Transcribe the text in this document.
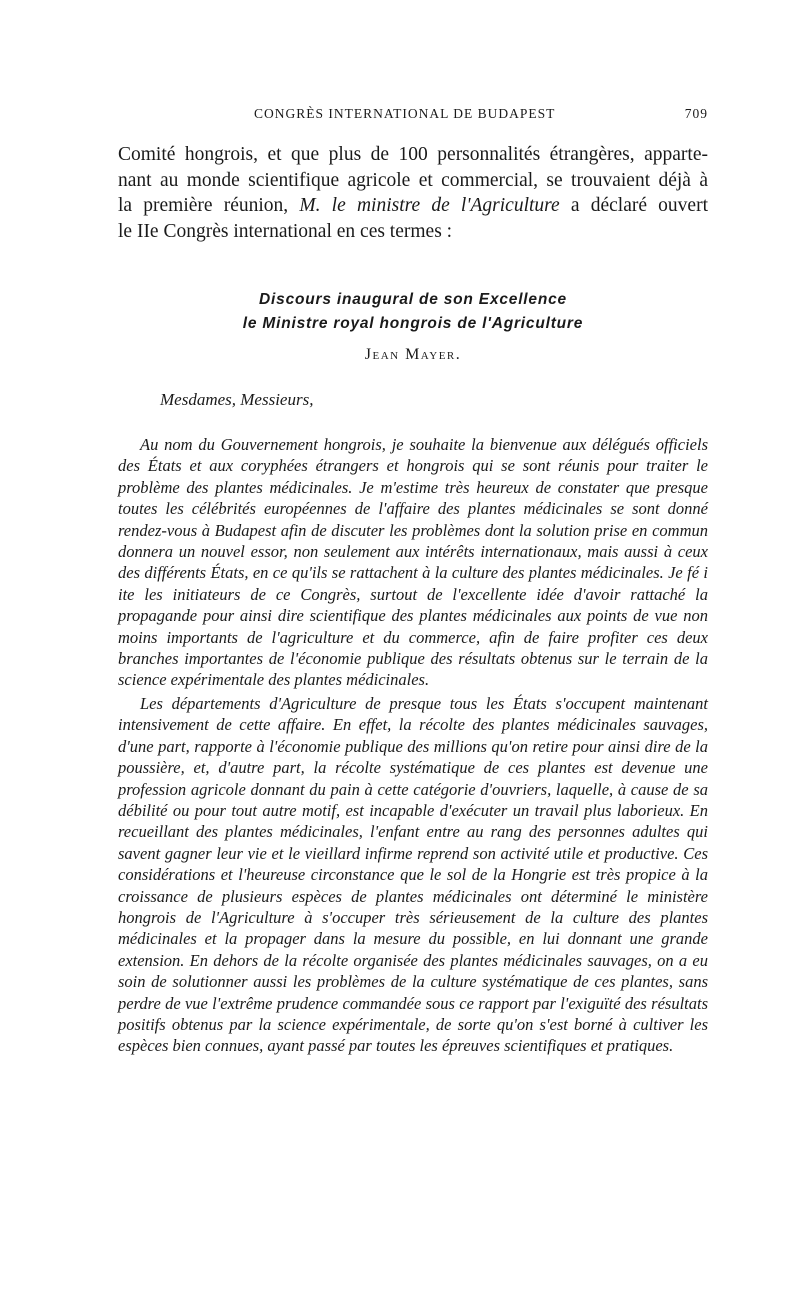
CONGRÈS INTERNATIONAL DE BUDAPEST	709
Comité hongrois, et que plus de 100 personnalités étrangères, apparte-
nant au monde scientifique agricole et commercial, se trouvaient déjà à
la première réunion, M. le ministre de l'Agriculture a déclaré ouvert
le IIe Congrès international en ces termes :
Discours inaugural de son Excellence
le Ministre royal hongrois de l'Agriculture
Jean Mayer.
Mesdames, Messieurs,

Au nom du Gouvernement hongrois, je souhaite la bienvenue aux délégués officiels des États et aux coryphées étrangers et hongrois qui se sont réunis pour traiter le problème des plantes médicinales. Je m'estime très heureux de constater que presque toutes les célébrités européennes de l'affaire des plantes médicinales se sont donné rendez-vous à Budapest afin de discuter les problèmes dont la solution prise en commun donnera un nouvel essor, non seulement aux intérêts internationaux, mais aussi à ceux des différents États, en ce qu'ils se rattachent à la culture des plantes médicinales. Je fé i ite les initiateurs de ce Congrès, surtout de l'excellente idée d'avoir rattaché la propagande pour ainsi dire scientifique des plantes médicinales aux points de vue non moins importants de l'agriculture et du commerce, afin de faire profiter ces deux branches importantes de l'économie publique des résultats obtenus sur le terrain de la science expérimentale des plantes médicinales.

Les départements d'Agriculture de presque tous les États s'occupent maintenant intensivement de cette affaire. En effet, la récolte des plantes médicinales sauvages, d'une part, rapporte à l'économie publique des millions qu'on retire pour ainsi dire de la poussière, et, d'autre part, la récolte systématique de ces plantes est devenue une profession agricole donnant du pain à cette catégorie d'ouvriers, laquelle, à cause de sa débilité ou pour tout autre motif, est incapable d'exécuter un travail plus laborieux. En recueillant des plantes médicinales, l'enfant entre au rang des personnes adultes qui savent gagner leur vie et le vieillard infirme reprend son activité utile et productive. Ces considérations et l'heureuse circonstance que le sol de la Hongrie est très propice à la croissance de plusieurs espèces de plantes médicinales ont déterminé le ministère hongrois de l'Agriculture à s'occuper très sérieusement de la culture des plantes médicinales et la propager dans la mesure du possible, en lui donnant une grande extension. En dehors de la récolte organisée des plantes médicinales sauvages, on a eu soin de solutionner aussi les problèmes de la culture systématique de ces plantes, sans perdre de vue l'extrême prudence commandée sous ce rapport par l'exiguïté des résultats positifs obtenus par la science expérimentale, de sorte qu'on s'est borné à cultiver les espèces bien connues, ayant passé par toutes les épreuves scientifiques et pratiques.
